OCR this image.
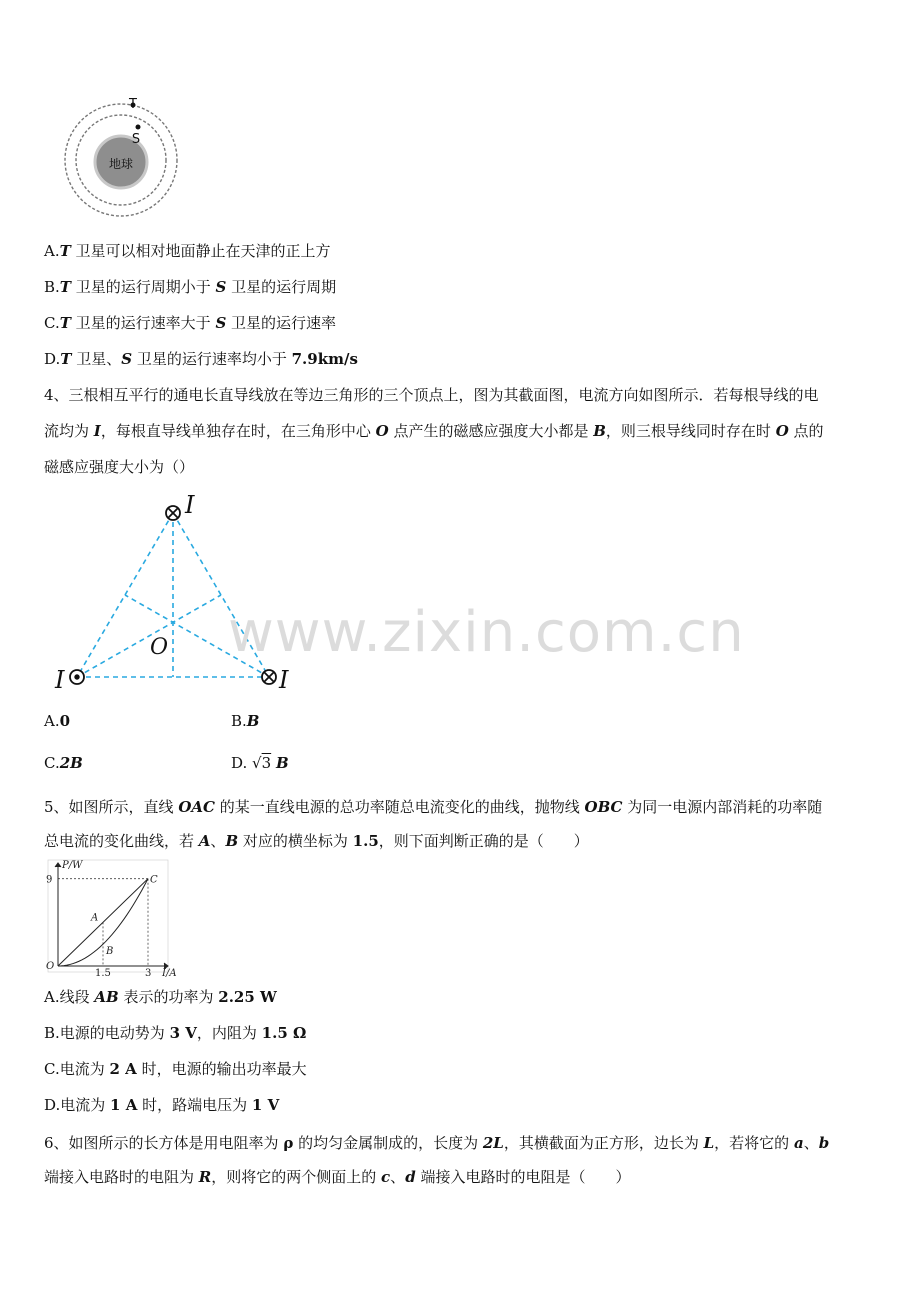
地球
T
S
A.T 卫星可以相对地面静止在天津的正上方
B.T 卫星的运行周期小于 S 卫星的运行周期
C.T 卫星的运行速率大于 S 卫星的运行速率
D.T 卫星、S 卫星的运行速率均小于 7.9km/s
4、三根相互平行的通电长直导线放在等边三角形的三个顶点上，图为其截面图，电流方向如图所示．若每根导线的电
流均为 I，每根直导线单独存在时，在三角形中心 O 点产生的磁感应强度大小都是 B，则三根导线同时存在时 O 点的
磁感应强度大小为（）
I
I	I
O
A.0	B.B
C.2B	D. √3 B
www.zixin.com.cn
5、如图所示，直线 OAC 的某一直线电源的总功率随总电流变化的曲线，抛物线 OBC 为同一电源内部消耗的功率随
总电流的变化曲线，若 A、B 对应的横坐标为 1.5，则下面判断正确的是（　　）
P/W
I/A
9
1.5	3
O
A
B
C
A.线段 AB 表示的功率为 2.25 W
B.电源的电动势为 3 V，内阻为 1.5 Ω
C.电流为 2 A 时，电源的输出功率最大
D.电流为 1 A 时，路端电压为 1 V
6、如图所示的长方体是用电阻率为 ρ 的均匀金属制成的，长度为 2L，其横截面为正方形，边长为 L，若将它的 a、b
端接入电路时的电阻为 R，则将它的两个侧面上的 c、d 端接入电路时的电阻是（　　）
